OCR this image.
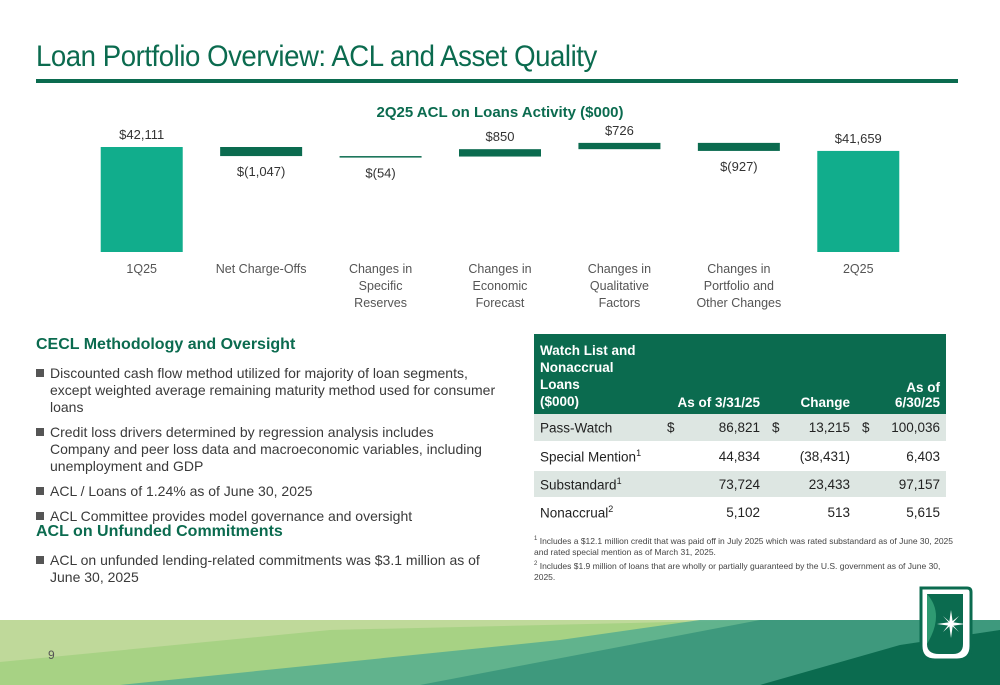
Loan Portfolio Overview: ACL and Asset Quality
2Q25 ACL on Loans Activity ($000)
$42,111
1Q25
$(1,047)
Net Charge-Offs
$(54)
Changes in
Specific
Reserves
$850
Changes in
Economic
Forecast
$726
Changes in
Qualitative
Factors
$(927)
Changes in
Portfolio and
Other Changes
$41,659
2Q25
CECL Methodology and Oversight
Discounted cash flow method utilized for majority of loan segments, except weighted average remaining maturity method used for consumer loans
Credit loss drivers determined by regression analysis includes Company and peer loss data and macroeconomic variables, including unemployment and GDP
ACL / Loans of 1.24% as of June 30, 2025
ACL Committee provides model governance and oversight
ACL on Unfunded Commitments
ACL on unfunded lending-related commitments was $3.1 million as of June 30, 2025
Watch List and
Nonaccrual Loans
($000)	As of 3/31/25	Change	As of 6/30/25
Pass-Watch	$ 86,821	$ 13,215	$ 100,036
Special Mention$^1$	44,834	(38,431)	6,403
Substandard$^1$	73,724	23,433	97,157
Nonaccrual$^2$	5,102	513	5,615

$^1$ Includes a $12.1 million credit that was paid off in July 2025 which was rated substandard as of June 30, 2025 and rated special mention as of March 31, 2025.

$^2$ Includes $1.9 million of loans that are wholly or partially guaranteed by the U.S. government as of June 30, 2025.

9
